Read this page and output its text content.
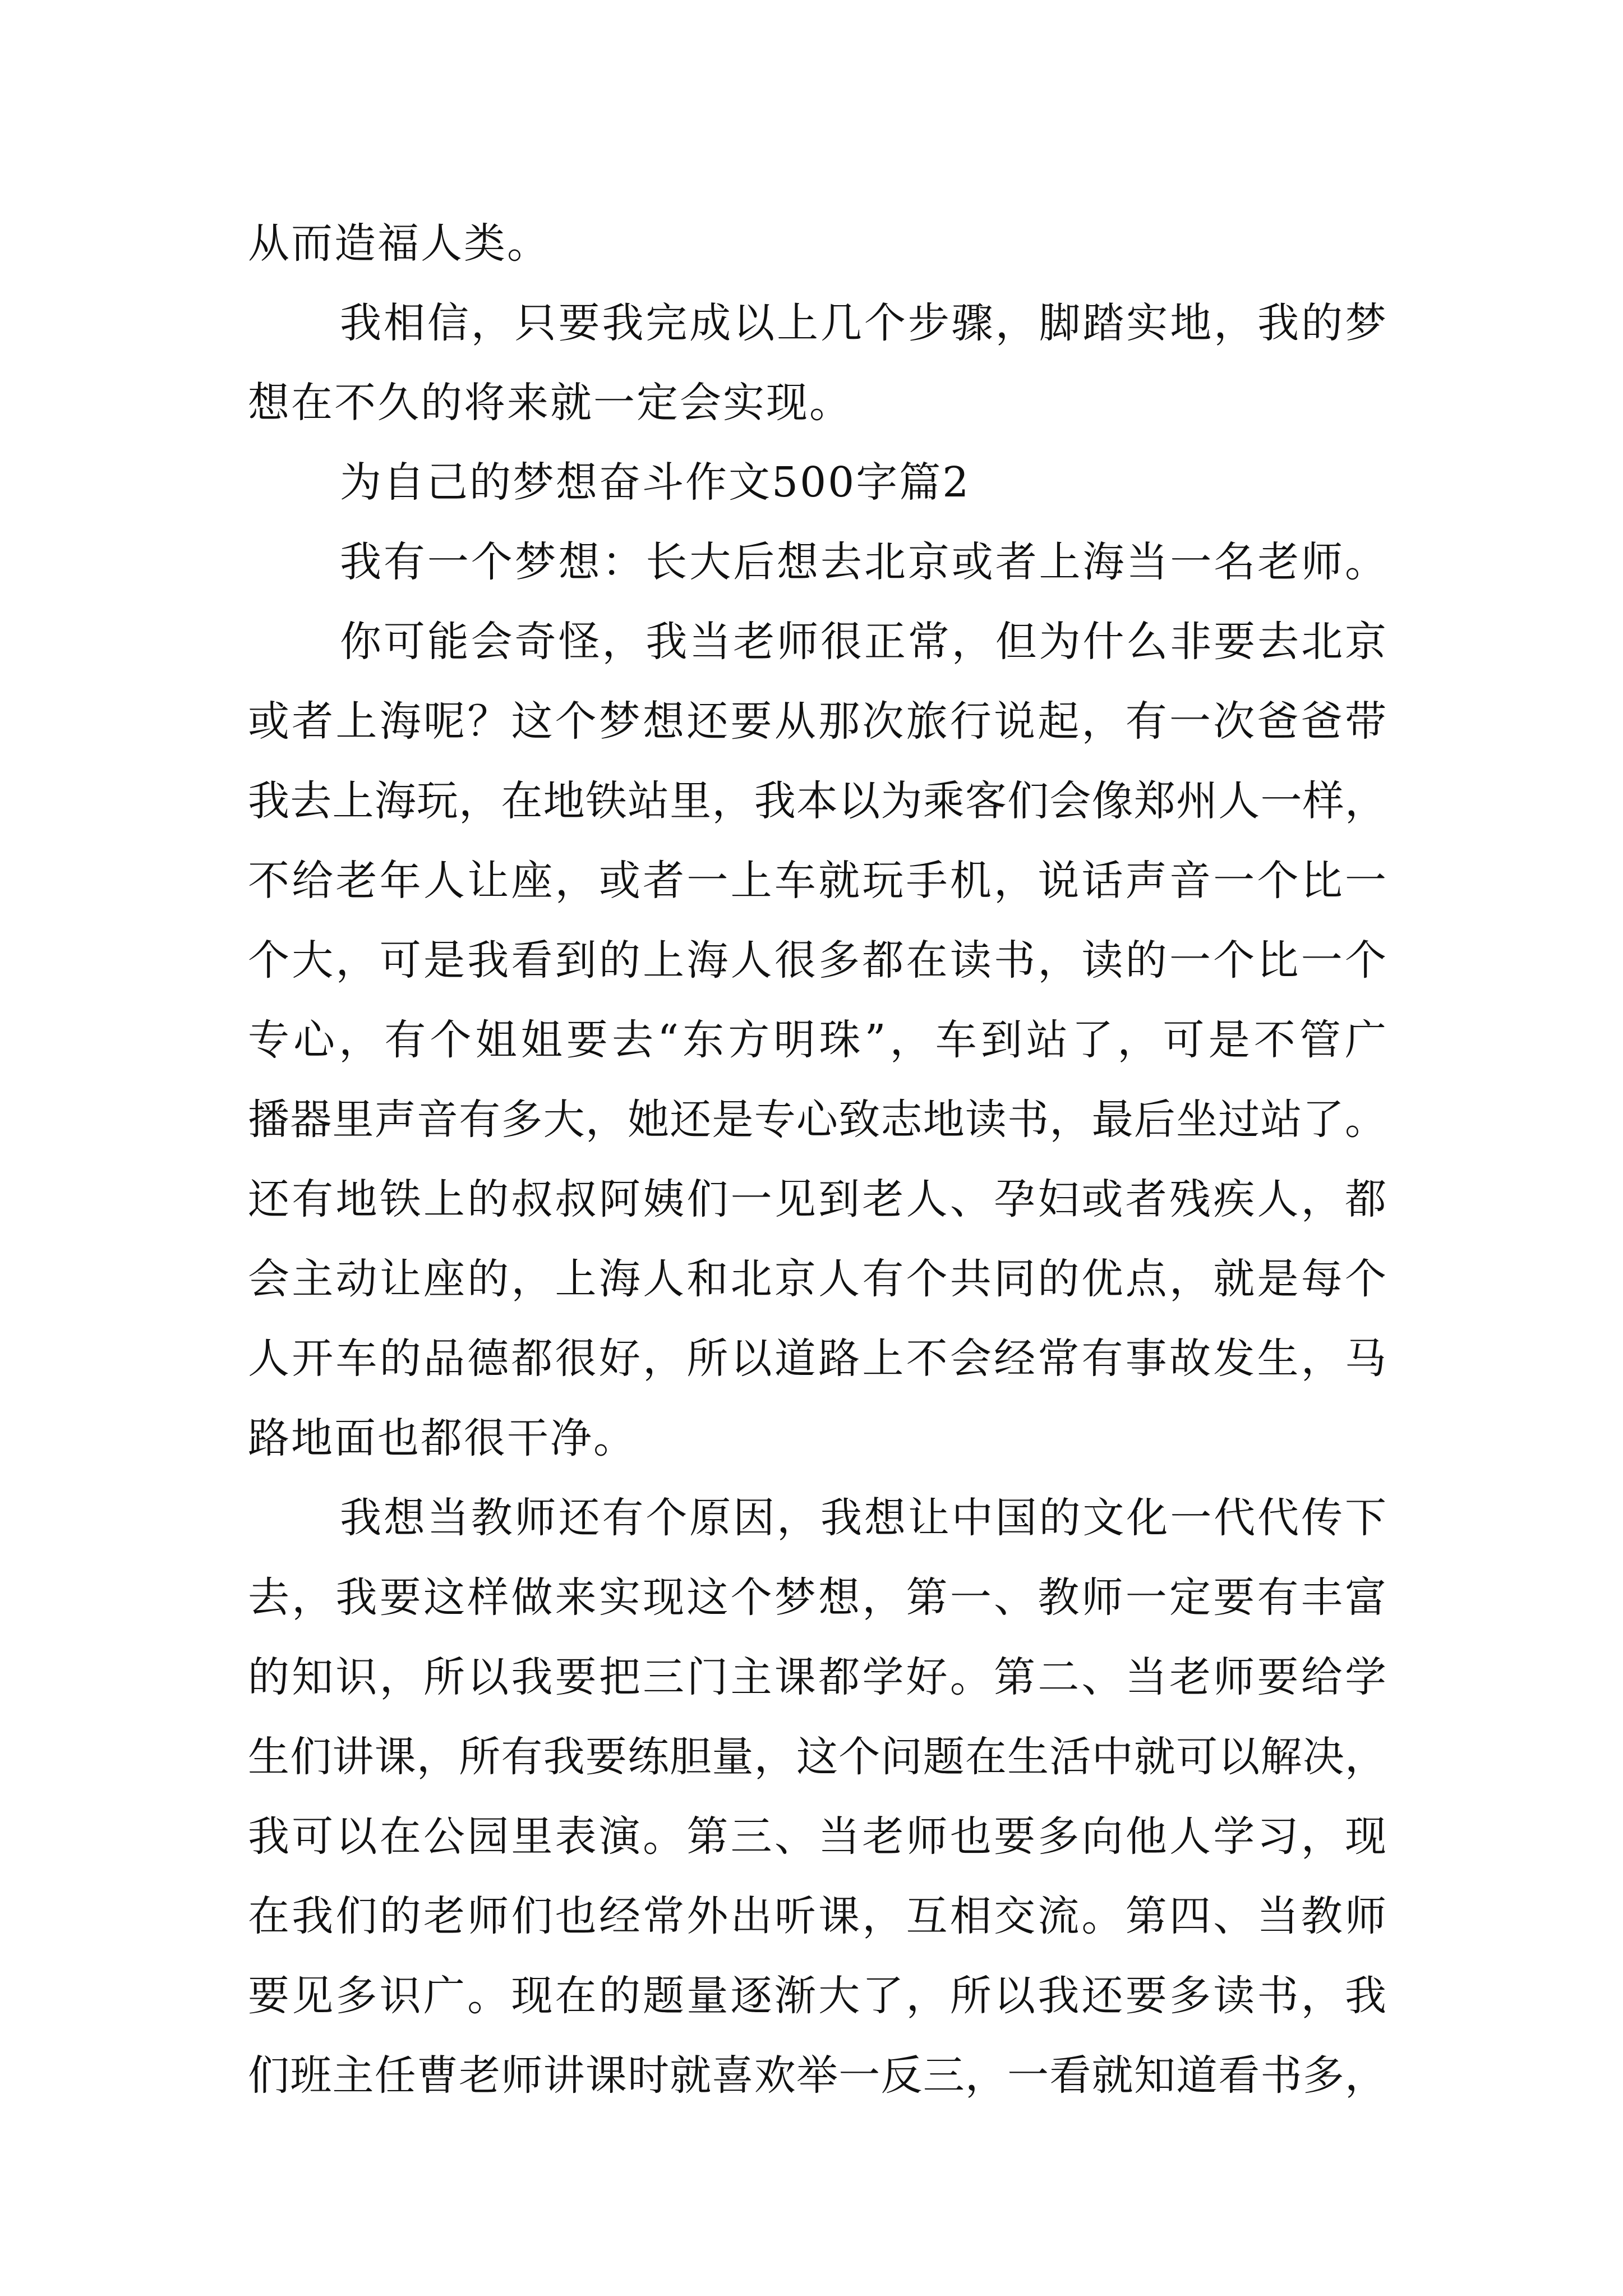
从而造福人类。
我相信，只要我完成以上几个步骤，脚踏实地，我的梦
想在不久的将来就一定会实现。
为自己的梦想奋斗作文500字篇2
我有一个梦想：长大后想去北京或者上海当一名老师。
你可能会奇怪，我当老师很正常，但为什么非要去北京
或者上海呢？这个梦想还要从那次旅行说起，有一次爸爸带
我去上海玩，在地铁站里，我本以为乘客们会像郑州人一样，
不给老年人让座，或者一上车就玩手机，说话声音一个比一
个大，可是我看到的上海人很多都在读书，读的一个比一个
专心，有个姐姐要去“东方明珠”，车到站了，可是不管广
播器里声音有多大，她还是专心致志地读书，最后坐过站了。
还有地铁上的叔叔阿姨们一见到老人、孕妇或者残疾人，都
会主动让座的，上海人和北京人有个共同的优点，就是每个
人开车的品德都很好，所以道路上不会经常有事故发生，马
路地面也都很干净。
我想当教师还有个原因，我想让中国的文化一代代传下
去，我要这样做来实现这个梦想，第一、教师一定要有丰富
的知识，所以我要把三门主课都学好。第二、当老师要给学
生们讲课，所有我要练胆量，这个问题在生活中就可以解决，
我可以在公园里表演。第三、当老师也要多向他人学习，现
在我们的老师们也经常外出听课，互相交流。第四、当教师
要见多识广。现在的题量逐渐大了，所以我还要多读书，我
们班主任曹老师讲课时就喜欢举一反三，一看就知道看书多，
